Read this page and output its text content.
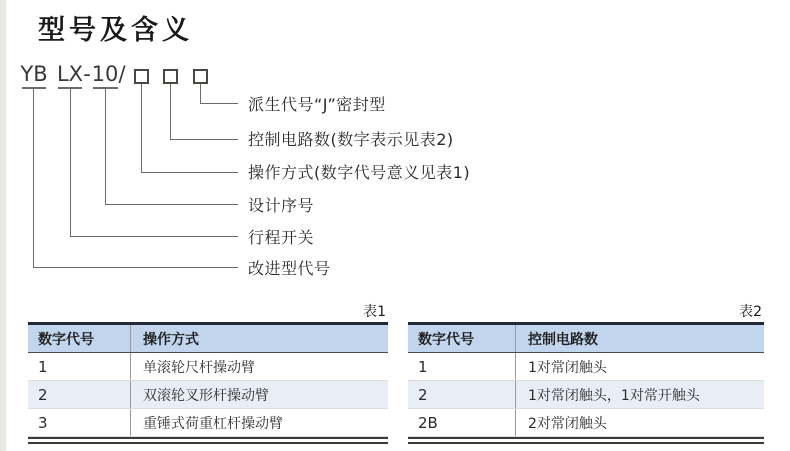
型号及含义
YB LX - 10 /
派生代号“J”密封型
控制电路数(数字表示见表2)
操作方式(数字代号意义见表1)
设计序号
行程开关
改进型代号
表1
数字代号	操作方式
1	单滚轮尺杆操动臂
2	双滚轮叉形杆操动臂
3	重锤式荷重杠杆操动臂
表2
数字代号	控制电路数
1	1对常闭触头
2	1对常闭触头，1对常开触头
2B	2对常闭触头
